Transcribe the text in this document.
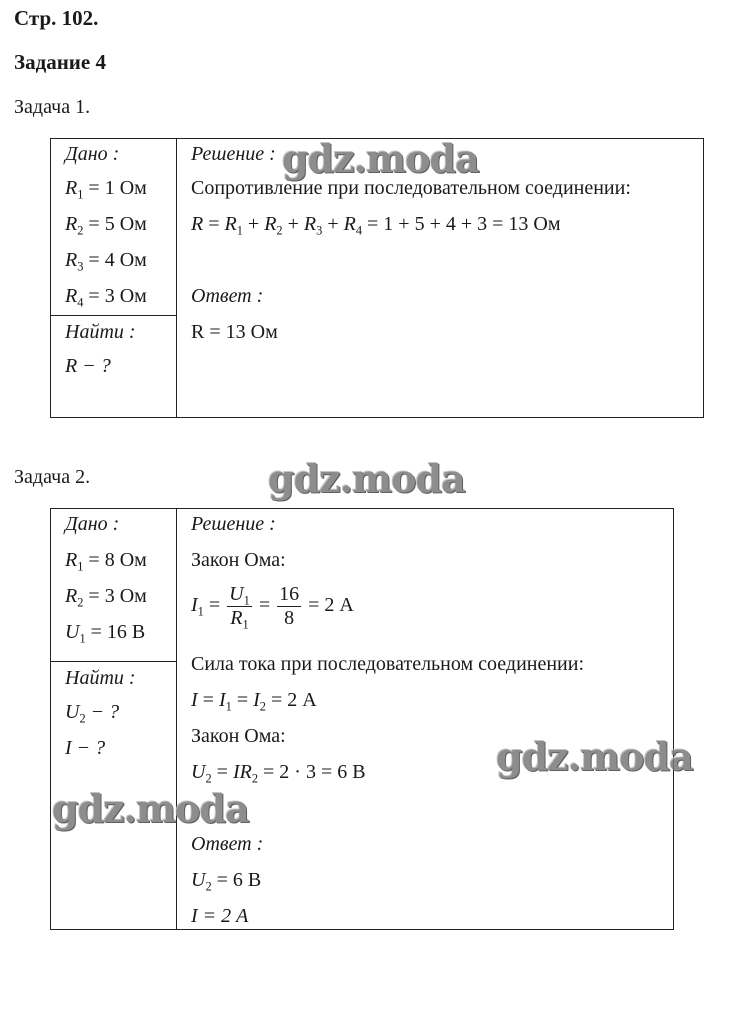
Стр. 102.
Задание 4
Задача 1.
Дано :
$R_1 = 1$ Ом
$R_2 = 5$ Ом
$R_3 = 4$ Ом
$R_4 = 3$ Ом
Найти :
R − ?
Решение :
Сопротивление при последовательном соединении:
$R = R_1 + R_2 + R_3 + R_4 = 1 + 5 + 4 + 3 = 13$ Ом
Ответ :
R = 13 Ом
Задача 2.
Дано :
$R_1 = 8$ Ом
$R_2 = 3$ Ом
$U_1 = 16$ В
Найти :
$U_2$ − ?
I − ?
Решение :
Закон Ома:
$I_1 = \frac{U_1}{R_1} = \frac{16}{8} = 2$ А
Сила тока при последовательном соединении:
$I = I_1 = I_2 = 2$ А
Закон Ома:
$U_2 = IR_2 = 2 \cdot 3 = 6$ В
Ответ :
$U_2 = 6$ В
I = 2 А
gdz.moda
gdz.moda
gdz.moda
gdz.moda
